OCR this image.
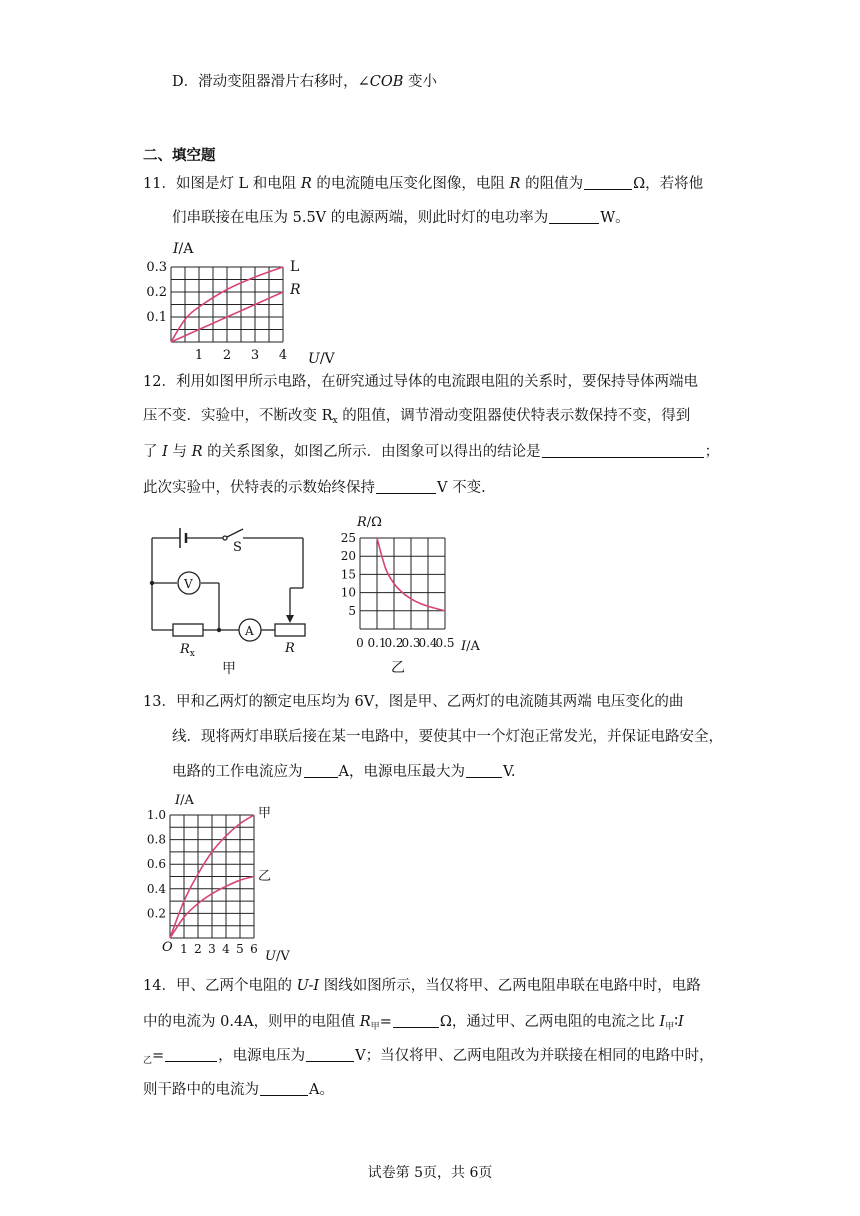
D．滑动变阻器滑片右移时，∠COB 变小
二、填空题
11．如图是灯 L 和电阻 R 的电流随电压变化图像，电阻 R 的阻值为	Ω，若将他
们串联接在电压为 5.5V 的电源两端，则此时灯的电功率为	W。
I/A
U/V
L
R
0.3
0.2
0.1
1 2 3 4
12．利用如图甲所示电路，在研究通过导体的电流跟电阻的关系时，要保持导体两端电
压不变．实验中，不断改变 $R_x$ 的阻值，调节滑动变阻器使伏特表示数保持不变，得到
了 I 与 R 的关系图象，如图乙所示．由图象可以得出的结论是	；
此次实验中，伏特表的示数始终保持	V 不变.
S
V
A
$R_x$	R
甲
R/Ω
I/A
乙
25
20
15
10
5
0 0.1
0.2
0.3
0.4
0.5
13．甲和乙两灯的额定电压均为 6V，图是甲、乙两灯的电流随其两端 电压变化的曲
线．现将两灯串联后接在某一电路中，要使其中一个灯泡正常发光，并保证电路安全，
电路的工作电流应为 A，电源电压最大为	V.
I/A
U/V
O
甲
乙
1.0
0.8
0.6
0.4
0.2
1 2 3 4 5 6
14．甲、乙两个电阻的 U-I 图线如图所示，当仅将甲、乙两电阻串联在电路中时，电路
中的电流为 0.4A，则甲的电阻值 $R_甲=$	Ω，通过甲、乙两电阻的电流之比 $I_甲∶I$
$_乙$=	，电源电压为	V；当仅将甲、乙两电阻改为并联接在相同的电路中时，
则干路中的电流为	A。
试卷第 5页，共 6页
